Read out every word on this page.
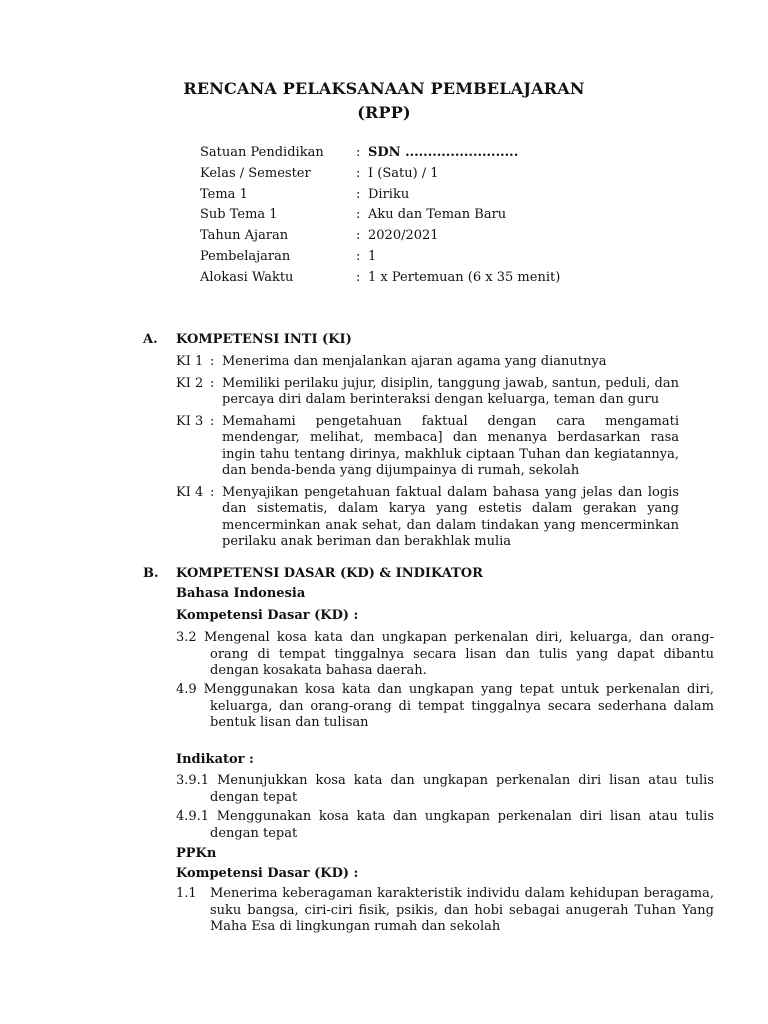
RENCANA PELAKSANAAN PEMBELAJARAN
(RPP)
Satuan Pendidikan : SDN .........................
Kelas / Semester	: I (Satu) / 1
Tema 1	: Diriku
Sub Tema 1	: Aku dan Teman Baru
Tahun Ajaran	: 2020/2021
Pembelajaran	: 1
Alokasi Waktu	: 1 x Pertemuan (6 x 35 menit)
A. KOMPETENSI INTI (KI)
KI 1 : Menerima dan menjalankan ajaran agama yang dianutnya
KI 2 : Memiliki perilaku jujur, disiplin, tanggung jawab, santun, peduli, dan percaya diri dalam berinteraksi dengan keluarga, teman dan guru
KI 3 : Memahami pengetahuan faktual dengan cara mengamati mendengar, melihat, membaca] dan menanya berdasarkan rasa ingin tahu tentang dirinya, makhluk ciptaan Tuhan dan kegiatannya, dan benda-benda yang dijumpainya di rumah, sekolah
KI 4 : Menyajikan pengetahuan faktual dalam bahasa yang jelas dan logis dan sistematis, dalam karya yang estetis dalam gerakan yang mencerminkan anak sehat, dan dalam tindakan yang mencerminkan perilaku anak beriman dan berakhlak mulia
B. KOMPETENSI DASAR (KD) & INDIKATOR
Bahasa Indonesia
Kompetensi Dasar (KD) :
3.2 Mengenal kosa kata dan ungkapan perkenalan diri, keluarga, dan orang-orang di tempat tinggalnya secara lisan dan tulis yang dapat dibantu dengan kosakata bahasa daerah.
4.9 Menggunakan kosa kata dan ungkapan yang tepat untuk perkenalan diri, keluarga, dan orang-orang di tempat tinggalnya secara sederhana dalam bentuk lisan dan tulisan
Indikator :
3.9.1 Menunjukkan kosa kata dan ungkapan perkenalan diri lisan atau tulis dengan tepat
4.9.1 Menggunakan kosa kata dan ungkapan perkenalan diri lisan atau tulis dengan tepat
PPKn
Kompetensi Dasar (KD) :
1.1 Menerima keberagaman karakteristik individu dalam kehidupan beragama, suku bangsa, ciri-ciri fisik, psikis, dan hobi sebagai anugerah Tuhan Yang Maha Esa di lingkungan rumah dan sekolah
